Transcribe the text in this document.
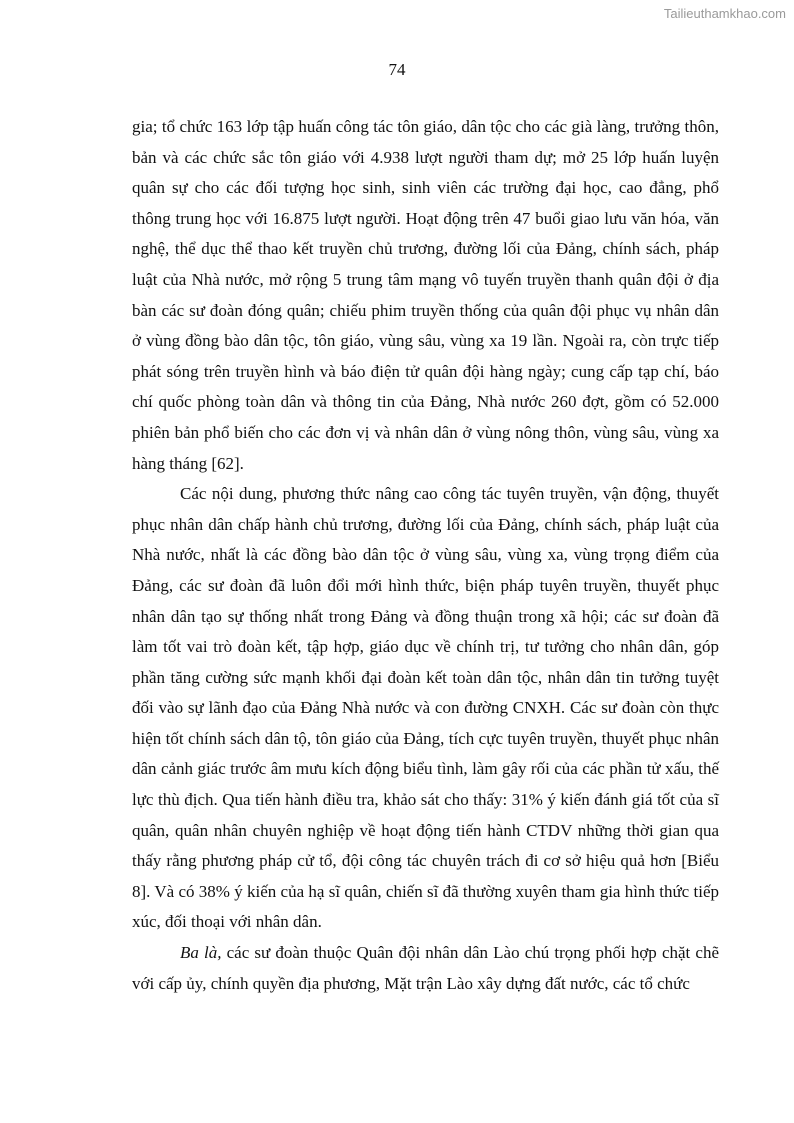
Tailieuthamkhao.com
74

gia; tổ chức 163 lớp tập huấn công tác tôn giáo, dân tộc cho các già làng, trưởng thôn, bản và các chức sắc tôn giáo với 4.938 lượt người tham dự; mở 25 lớp huấn luyện quân sự cho các đối tượng học sinh, sinh viên các trường đại học, cao đẳng, phổ thông trung học với 16.875 lượt người. Hoạt động trên 47 buổi giao lưu văn hóa, văn nghệ, thể dục thể thao kết truyền chủ trương, đường lối của Đảng, chính sách, pháp luật của Nhà nước, mở rộng 5 trung tâm mạng vô tuyến truyền thanh quân đội ở địa bàn các sư đoàn đóng quân; chiếu phim truyền thống của quân đội phục vụ nhân dân ở vùng đồng bào dân tộc, tôn giáo, vùng sâu, vùng xa 19 lần. Ngoài ra, còn trực tiếp phát sóng trên truyền hình và báo điện tử quân đội hàng ngày; cung cấp tạp chí, báo chí quốc phòng toàn dân và thông tin của Đảng, Nhà nước 260 đợt, gồm có 52.000 phiên bản phổ biến cho các đơn vị và nhân dân ở vùng nông thôn, vùng sâu, vùng xa hàng tháng [62].

Các nội dung, phương thức nâng cao công tác tuyên truyền, vận động, thuyết phục nhân dân chấp hành chủ trương, đường lối của Đảng, chính sách, pháp luật của Nhà nước, nhất là các đồng bào dân tộc ở vùng sâu, vùng xa, vùng trọng điểm của Đảng, các sư đoàn đã luôn đổi mới hình thức, biện pháp tuyên truyền, thuyết phục nhân dân tạo sự thống nhất trong Đảng và đồng thuận trong xã hội; các sư đoàn đã làm tốt vai trò đoàn kết, tập hợp, giáo dục về chính trị, tư tưởng cho nhân dân, góp phần tăng cường sức mạnh khối đại đoàn kết toàn dân tộc, nhân dân tin tưởng tuyệt đối vào sự lãnh đạo của Đảng Nhà nước và con đường CNXH. Các sư đoàn còn thực hiện tốt chính sách dân tộ, tôn giáo của Đảng, tích cực tuyên truyền, thuyết phục nhân dân cảnh giác trước âm mưu kích động biểu tình, làm gây rối của các phần tử xấu, thế lực thù địch. Qua tiến hành điều tra, khảo sát cho thấy: 31% ý kiến đánh giá tốt của sĩ quân, quân nhân chuyên nghiệp về hoạt động tiến hành CTDV những thời gian qua thấy rằng phương pháp cử tổ, đội công tác chuyên trách đi cơ sở hiệu quả hơn [Biểu 8]. Và có 38% ý kiến của hạ sĩ quân, chiến sĩ đã thường xuyên tham gia hình thức tiếp xúc, đối thoại với nhân dân.

Ba là, các sư đoàn thuộc Quân đội nhân dân Lào chú trọng phối hợp chặt chẽ với cấp ủy, chính quyền địa phương, Mặt trận Lào xây dựng đất nước, các tổ chức
